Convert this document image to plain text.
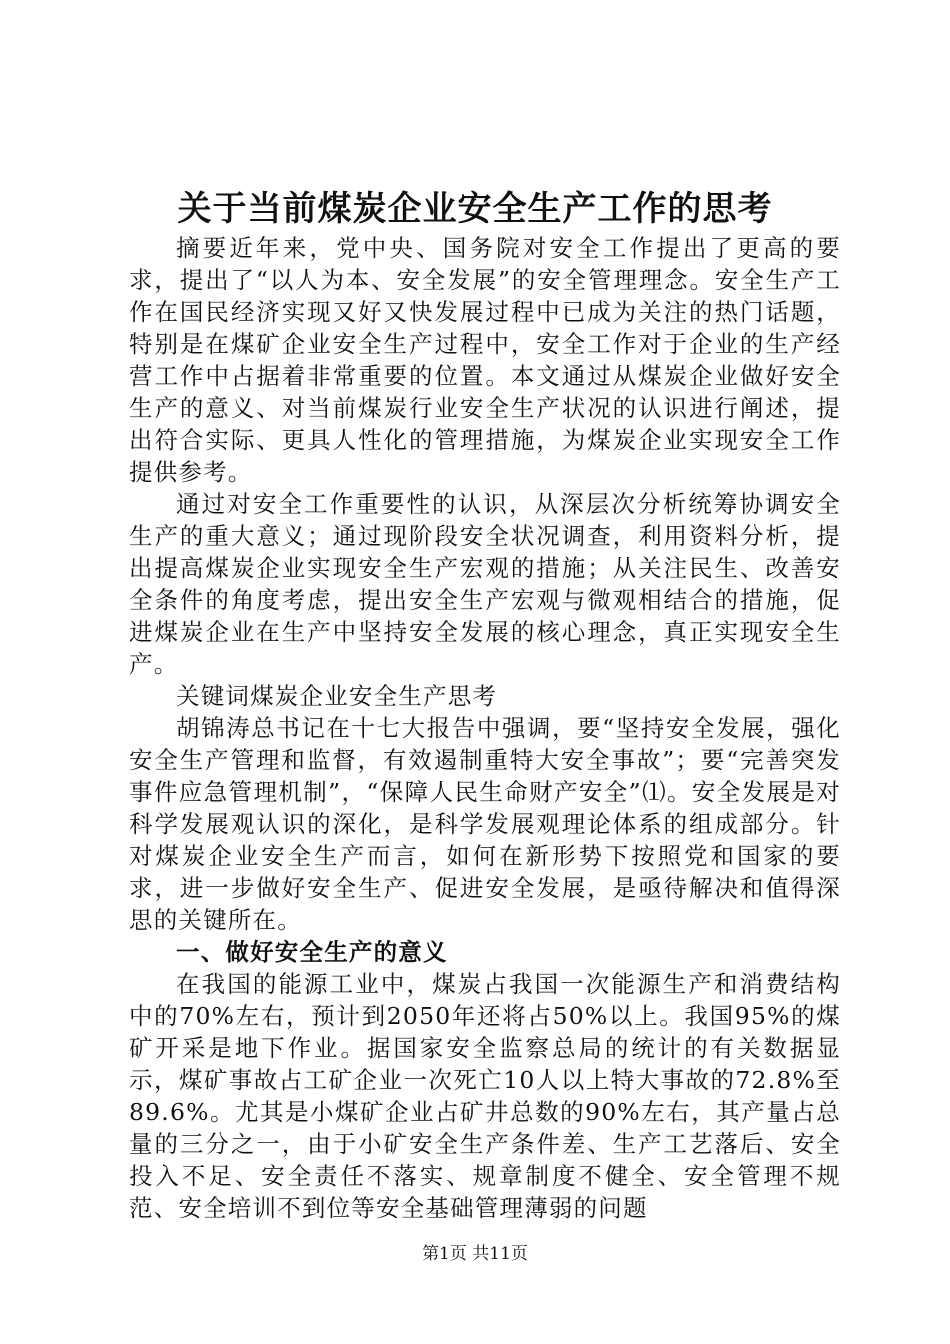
关于当前煤炭企业安全生产工作的思考

摘要近年来，党中央、国务院对安全工作提出了更高的要求，提出了“以人为本、安全发展”的安全管理理念。安全生产工作在国民经济实现又好又快发展过程中已成为关注的热门话题，特别是在煤矿企业安全生产过程中，安全工作对于企业的生产经营工作中占据着非常重要的位置。本文通过从煤炭企业做好安全生产的意义、对当前煤炭行业安全生产状况的认识进行阐述，提出符合实际、更具人性化的管理措施，为煤炭企业实现安全工作提供参考。

通过对安全工作重要性的认识，从深层次分析统筹协调安全生产的重大意义；通过现阶段安全状况调查，利用资料分析，提出提高煤炭企业实现安全生产宏观的措施；从关注民生、改善安全条件的角度考虑，提出安全生产宏观与微观相结合的措施，促进煤炭企业在生产中坚持安全发展的核心理念，真正实现安全生产。

关键词煤炭企业安全生产思考

胡锦涛总书记在十七大报告中强调，要“坚持安全发展，强化安全生产管理和监督，有效遏制重特大安全事故”；要“完善突发事件应急管理机制”，“保障人民生命财产安全”⑴。安全发展是对科学发展观认识的深化，是科学发展观理论体系的组成部分。针对煤炭企业安全生产而言，如何在新形势下按照党和国家的要求，进一步做好安全生产、促进安全发展，是亟待解决和值得深思的关键所在。

一、做好安全生产的意义

在我国的能源工业中，煤炭占我国一次能源生产和消费结构中的70%左右，预计到2050年还将占50%以上。我国95%的煤矿开采是地下作业。据国家安全监察总局的统计的有关数据显示，煤矿事故占工矿企业一次死亡10人以上特大事故的72.8%至89.6%。尤其是小煤矿企业占矿井总数的90%左右，其产量占总量的三分之一，由于小矿安全生产条件差、生产工艺落后、安全投入不足、安全责任不落实、规章制度不健全、安全管理不规范、安全培训不到位等安全基础管理薄弱的问题

第1页 共11页
